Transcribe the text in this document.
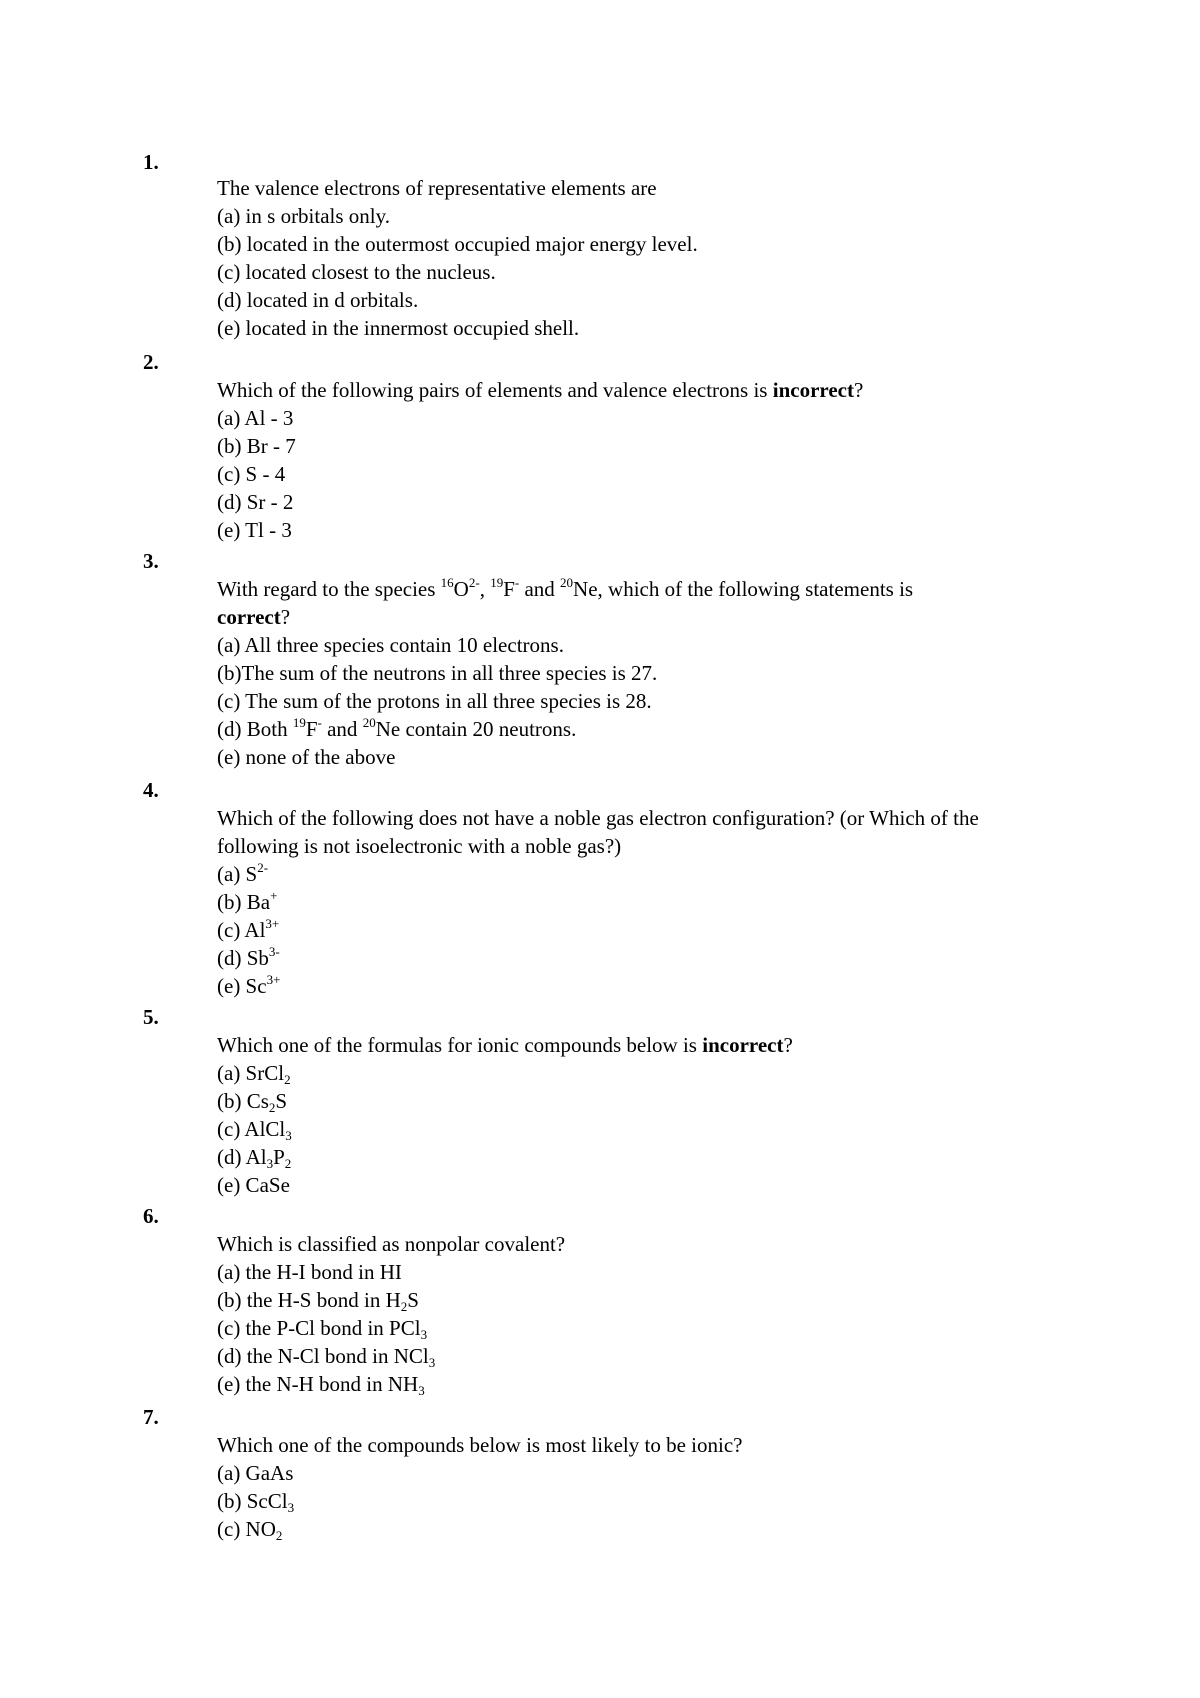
1.
The valence electrons of representative elements are
(a) in s orbitals only.
(b) located in the outermost occupied major energy level.
(c) located closest to the nucleus.
(d) located in d orbitals.
(e) located in the innermost occupied shell.
2.
Which of the following pairs of elements and valence electrons is incorrect?
(a) Al - 3
(b) Br - 7
(c) S - 4
(d) Sr - 2
(e) Tl - 3
3.
With regard to the species $^{16}O^{2-}$, $^{19}$F- and $^{20}$Ne, which of the following statements is
correct?
(a) All three species contain 10 electrons.
(b)The sum of the neutrons in all three species is 27.
(c) The sum of the protons in all three species is 28.
(d) Both $^{19}$F- and $^{20}$Ne contain 20 neutrons.
(e) none of the above
4.
Which of the following does not have a noble gas electron configuration? (or Which of the following is not isoelectronic with a noble gas?)
(a) $S^{2-}$
(b) Ba+
(c) $Al^{3+}$
(d) $Sb^{3-}$
(e) $Sc^{3+}$
5.
Which one of the formulas for ionic compounds below is incorrect?
(a) SrCl$_2$
(b) $Cs_2S$
(c) AlCl$_3$
(d) $Al_3P_2$
(e) CaSe
6.
Which is classified as nonpolar covalent?
(a) the H-I bond in HI
(b) the H-S bond in $H_2S$
(c) the P-Cl bond in PCl$_3$
(d) the N-Cl bond in NCl$_3$
(e) the N-H bond in $NH_3$
7.
Which one of the compounds below is most likely to be ionic?
(a) GaAs
(b) ScCl$_3$
(c) $NO_2$
